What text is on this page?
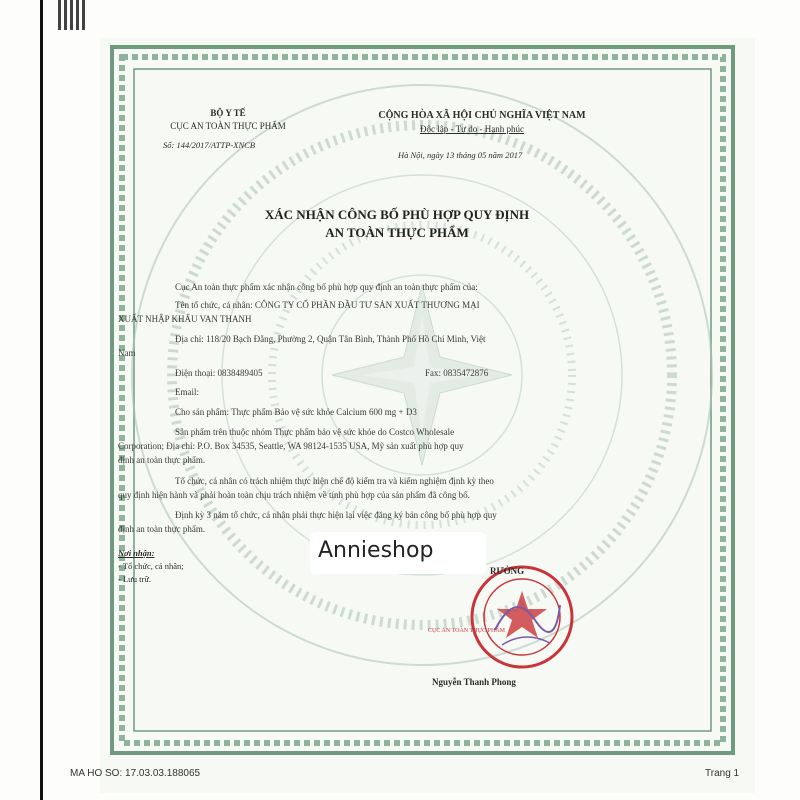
BỘ Y TẾ
CỤC AN TOÀN THỰC PHẨM
Số: 144/2017/ATTP-XNCB
CỘNG HÒA XÃ HỘI CHỦ NGHĨA VIỆT NAM
Độc lập - Tự do - Hạnh phúc
Hà Nội, ngày 13 tháng 05 năm 2017
XÁC NHẬN CÔNG BỐ PHÙ HỢP QUY ĐỊNH
AN TOÀN THỰC PHẨM
Cục An toàn thực phẩm xác nhận công bố phù hợp quy định an toàn thực phẩm của:
Tên tổ chức, cá nhân: CÔNG TY CỔ PHẦN ĐẦU TƯ SẢN XUẤT THƯƠNG MẠI
XUẤT NHẬP KHẨU VAN THANH
Địa chỉ: 118/20 Bạch Đằng, Phường 2, Quận Tân Bình, Thành Phố Hồ Chí Minh, Việt
Nam
Điện thoại: 0838489405	Fax: 0835472876
Email:
Cho sản phẩm: Thực phẩm Bảo vệ sức khỏe Calcium 600 mg + D3
Sản phẩm trên thuộc nhóm Thực phẩm bảo vệ sức khỏe do Costco Wholesale
Corporation; Địa chỉ: P.O. Box 34535, Seattle, WA 98124-1535 USA, Mỹ sản xuất phù hợp quy
định an toàn thực phẩm.
Tổ chức, cá nhân có trách nhiệm thực hiện chế độ kiểm tra và kiểm nghiệm định kỳ theo
quy định hiện hành và phải hoàn toàn chịu trách nhiệm về tính phù hợp của sản phẩm đã công bố.
Định kỳ 3 năm tổ chức, cá nhân phải thực hiện lại việc đăng ký bản công bố phù hợp quy
định an toàn thực phẩm.
Nơi nhận:
- Tổ chức, cá nhân;
- Lưu trữ.
RƯỞNG
CỤC AN TOÀN THỰC PHẨM
Nguyễn Thanh Phong
Annieshop
MA HO SO: 17.03.03.188065	Trang 1
